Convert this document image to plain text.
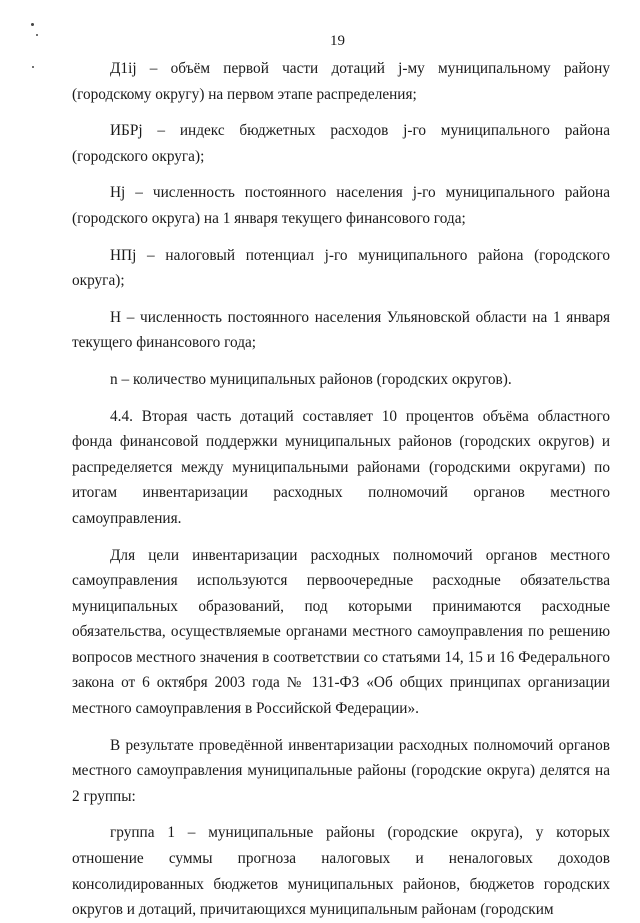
19

Д1ij – объём первой части дотаций j-му муниципальному району (городскому округу) на первом этапе распределения;

ИБРj – индекс бюджетных расходов j-го муниципального района (городского округа);

Нj – численность постоянного населения j-го муниципального района (городского округа) на 1 января текущего финансового года;

НПj – налоговый потенциал j-го муниципального района (городского округа);

Н – численность постоянного населения Ульяновской области на 1 января текущего финансового года;

n – количество муниципальных районов (городских округов).

4.4. Вторая часть дотаций составляет 10 процентов объёма областного фонда финансовой поддержки муниципальных районов (городских округов) и распределяется между муниципальными районами (городскими округами) по итогам инвентаризации расходных полномочий органов местного самоуправления.

Для цели инвентаризации расходных полномочий органов местного самоуправления используются первоочередные расходные обязательства муниципальных образований, под которыми принимаются расходные обязательства, осуществляемые органами местного самоуправления по решению вопросов местного значения в соответствии со статьями 14, 15 и 16 Федерального закона от 6 октября 2003 года № 131-ФЗ «Об общих принципах организации местного самоуправления в Российской Федерации».

В результате проведённой инвентаризации расходных полномочий органов местного самоуправления муниципальные районы (городские округа) делятся на 2 группы:

группа 1 – муниципальные районы (городские округа), у которых отношение суммы прогноза налоговых и неналоговых доходов консолидированных бюджетов муниципальных районов, бюджетов городских округов и дотаций, причитающихся муниципальным районам (городским
